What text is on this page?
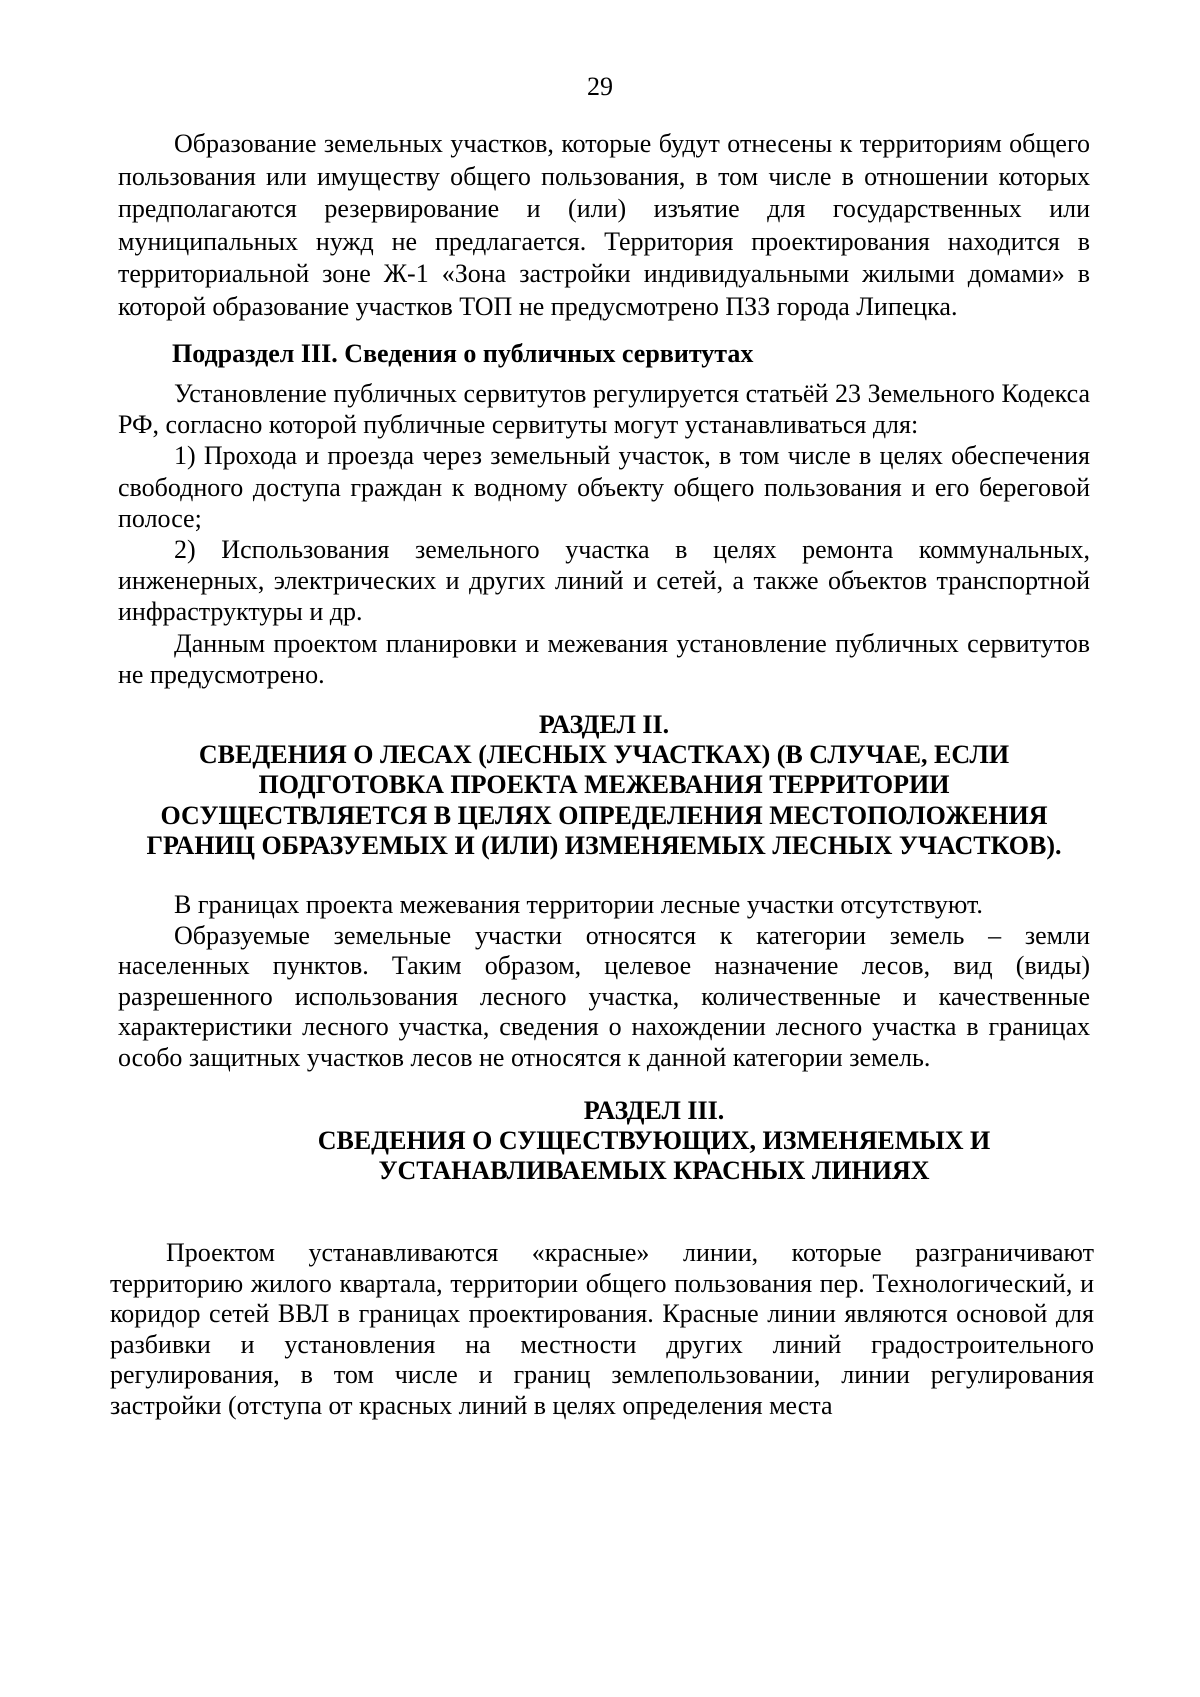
29

Образование земельных участков, которые будут отнесены к территориям общего пользования или имуществу общего пользования, в том числе в отношении которых предполагаются резервирование и (или) изъятие для государственных или муниципальных нужд не предлагается. Территория проектирования находится в территориальной зоне Ж-1 «Зона застройки индивидуальными жилыми домами» в которой образование участков ТОП не предусмотрено ПЗЗ города Липецка.

Подраздел III. Сведения о публичных сервитутах

Установление публичных сервитутов регулируется статьёй 23 Земельного Кодекса РФ, согласно которой публичные сервитуты могут устанавливаться для:

1) Прохода и проезда через земельный участок, в том числе в целях обеспечения свободного доступа граждан к водному объекту общего пользования и его береговой полосе;

2) Использования земельного участка в целях ремонта коммунальных, инженерных, электрических и других линий и сетей, а также объектов транспортной инфраструктуры и др.

Данным проектом планировки и межевания установление публичных сервитутов не предусмотрено.

РАЗДЕЛ II.
СВЕДЕНИЯ О ЛЕСАХ (ЛЕСНЫХ УЧАСТКАХ) (В СЛУЧАЕ, ЕСЛИ
ПОДГОТОВКА ПРОЕКТА МЕЖЕВАНИЯ ТЕРРИТОРИИ
ОСУЩЕСТВЛЯЕТСЯ В ЦЕЛЯХ ОПРЕДЕЛЕНИЯ МЕСТОПОЛОЖЕНИЯ
ГРАНИЦ ОБРАЗУЕМЫХ И (ИЛИ) ИЗМЕНЯЕМЫХ ЛЕСНЫХ УЧАСТКОВ).

В границах проекта межевания территории лесные участки отсутствуют.

Образуемые земельные участки относятся к категории земель – земли населенных пунктов. Таким образом, целевое назначение лесов, вид (виды) разрешенного использования лесного участка, количественные и качественные характеристики лесного участка, сведения о нахождении лесного участка в границах особо защитных участков лесов не относятся к данной категории земель.

РАЗДЕЛ III.
СВЕДЕНИЯ О СУЩЕСТВУЮЩИХ, ИЗМЕНЯЕМЫХ И
УСТАНАВЛИВАЕМЫХ КРАСНЫХ ЛИНИЯХ

Проектом устанавливаются «красные» линии, которые разграничивают территорию жилого квартала, территории общего пользования пер. Технологический, и коридор сетей ВВЛ в границах проектирования. Красные линии являются основой для разбивки и установления на местности других линий градостроительного регулирования, в том числе и границ землепользовании, линии регулирования застройки (отступа от красных линий в целях определения места
